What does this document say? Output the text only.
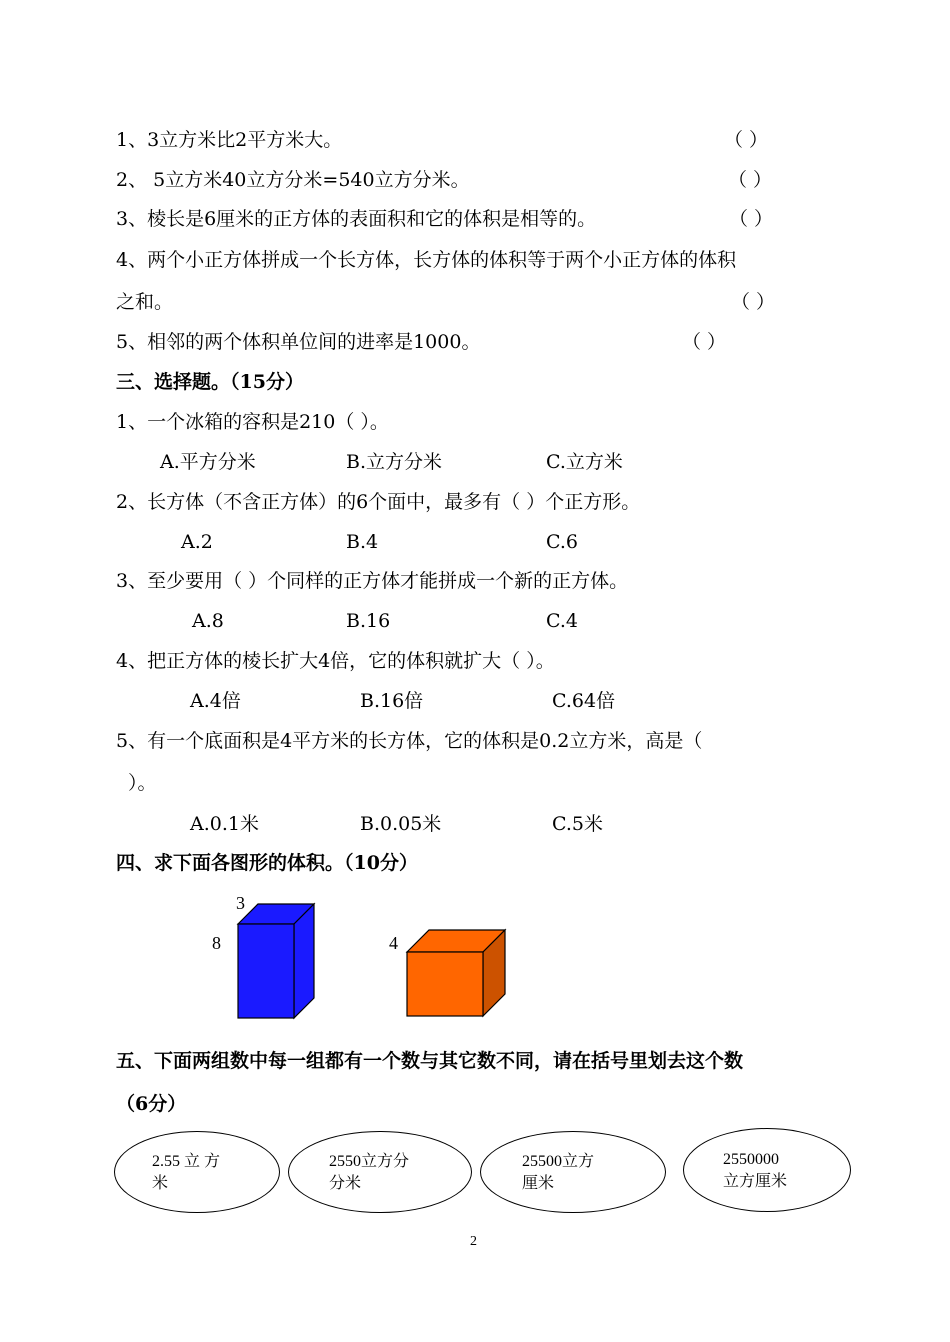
1、3立方米比2平方米大。	（ ）
2、 5立方米40立方分米=540立方分米。	（ ）
3、棱长是6厘米的正方体的表面积和它的体积是相等的。	（ ）
4、两个小正方体拼成一个长方体，长方体的体积等于两个小正方体的体积
之和。	（ ）
5、相邻的两个体积单位间的进率是1000。	（ ）
三、选择题。（15分）
1、一个冰箱的容积是210（ ）。
A.平方分米	B.立方分米	C.立方米
2、长方体（不含正方体）的6个面中，最多有（ ）个正方形。
A.2	B.4	C.6
3、至少要用（ ）个同样的正方体才能拼成一个新的正方体。
A.8	B.16	C.4
4、把正方体的棱长扩大4倍，它的体积就扩大（ ）。
A.4倍	B.16倍	C.64倍
5、有一个底面积是4平方米的长方体，它的体积是0.2立方米，高是（
）。
A.0.1米	B.0.05米	C.5米
四、求下面各图形的体积。（10分）
3
8	4
五、下面两组数中每一组都有一个数与其它数不同，请在括号里划去这个数
（6分）
2.55 立 方
米
2550立方分
分米
25500立方
厘米
2550000
立方厘米
2
